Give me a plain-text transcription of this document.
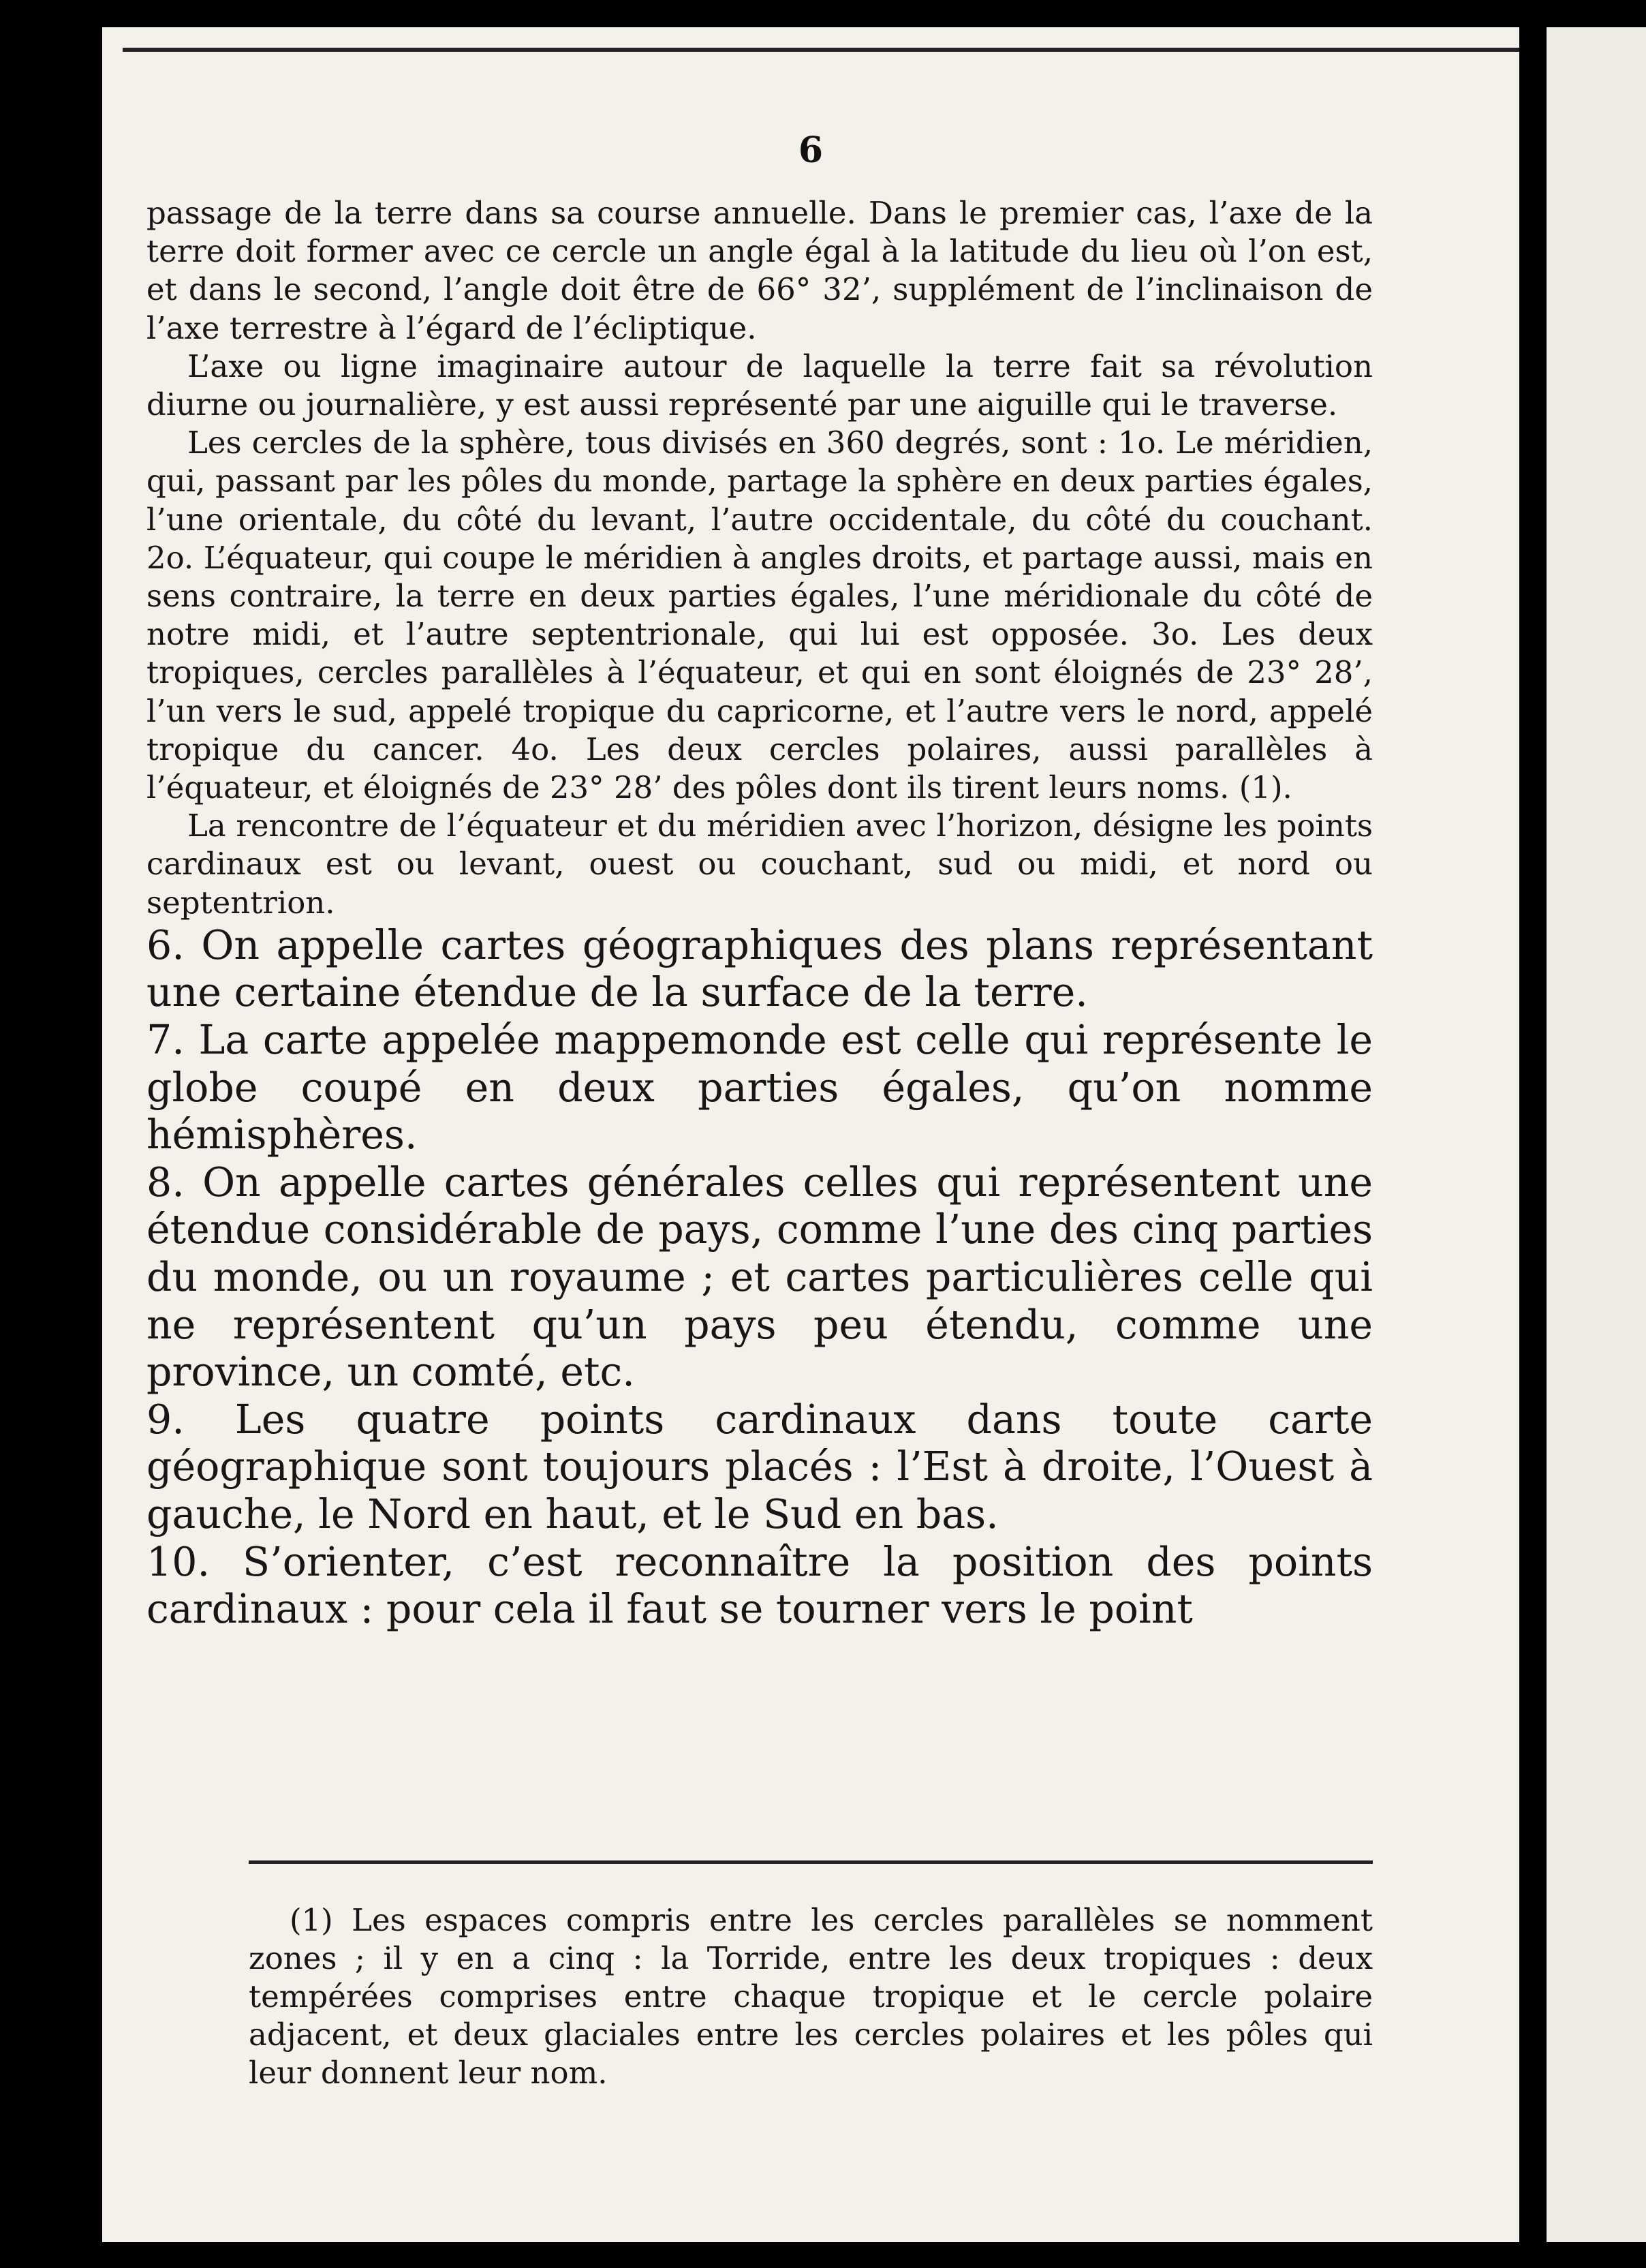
6

passage de la terre dans sa course annuelle. Dans le premier cas, l’axe de la terre doit former avec ce cercle un angle égal à la latitude du lieu où l’on est, et dans le second, l’angle doit être de 66° 32’, supplément de l’inclinaison de l’axe terrestre à l’égard de l’écliptique.

L’axe ou ligne imaginaire autour de laquelle la terre fait sa révolution diurne ou journalière, y est aussi représenté par une aiguille qui le traverse.

Les cercles de la sphère, tous divisés en 360 degrés, sont : 1o. Le méridien, qui, passant par les pôles du monde, partage la sphère en deux parties égales, l’une orientale, du côté du levant, l’autre occidentale, du côté du couchant. 2o. L’équateur, qui coupe le méridien à angles droits, et partage aussi, mais en sens contraire, la terre en deux parties égales, l’une méridionale du côté de notre midi, et l’autre septentrionale, qui lui est opposée. 3o. Les deux tropiques, cercles parallèles à l’équateur, et qui en sont éloignés de 23° 28’, l’un vers le sud, appelé tropique du capricorne, et l’autre vers le nord, appelé tropique du cancer. 4o. Les deux cercles polaires, aussi parallèles à l’équateur, et éloignés de 23° 28’ des pôles dont ils tirent leurs noms. (1).

La rencontre de l’équateur et du méridien avec l’horizon, désigne les points cardinaux est ou levant, ouest ou couchant, sud ou midi, et nord ou septentrion.

6. On appelle cartes géographiques des plans représentant une certaine étendue de la surface de la terre.

7. La carte appelée mappemonde est celle qui représente le globe coupé en deux parties égales, qu’on nomme hémisphères.

8. On appelle cartes générales celles qui représentent une étendue considérable de pays, comme l’une des cinq parties du monde, ou un royaume ; et cartes particulières celle qui ne représentent qu’un pays peu étendu, comme une province, un comté, etc.

9. Les quatre points cardinaux dans toute carte géographique sont toujours placés : l’Est à droite, l’Ouest à gauche, le Nord en haut, et le Sud en bas.

10. S’orienter, c’est reconnaître la position des points cardinaux : pour cela il faut se tourner vers le point

(1) Les espaces compris entre les cercles parallèles se nomment zones ; il y en a cinq : la Torride, entre les deux tropiques : deux tempérées comprises entre chaque tropique et le cercle polaire adjacent, et deux glaciales entre les cercles polaires et les pôles qui leur donnent leur nom.
